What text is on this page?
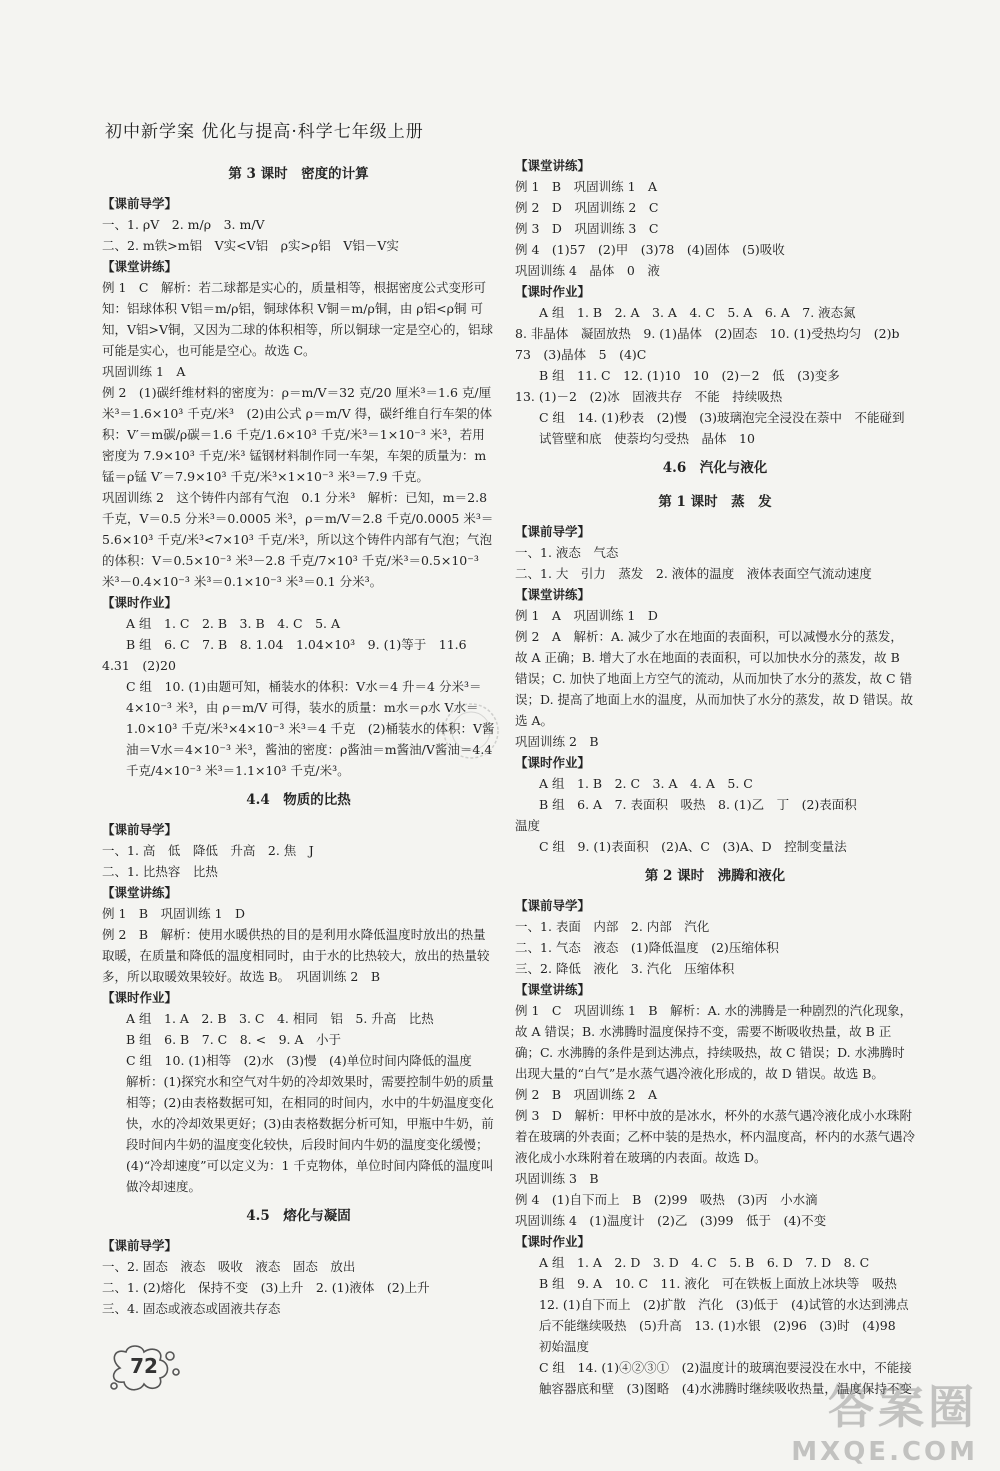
初中新学案 优化与提高·科学七年级上册
第 3 课时　密度的计算
【课前导学】
一、1. ρV　2. m/ρ　3. m/V
二、2. m铁>m铝　V实<V铝　ρ实>ρ铝　V铝－V实
【课堂讲练】
例 1　C　解析：若二球都是实心的，质量相等，根据密度公式变形可知：铝球体积 V铝＝m/ρ铝，铜球体积 V铜＝m/ρ铜，由 ρ铝<ρ铜 可知，V铝>V铜，又因为二球的体积相等，所以铜球一定是空心的，铝球可能是实心，也可能是空心。故选 C。
巩固训练 1　A
例 2　(1)碳纤维材料的密度为：ρ＝m/V＝32 克/20 厘米³＝1.6 克/厘米³＝1.6×10³ 千克/米³　(2)由公式 ρ＝m/V 得，碳纤维自行车架的体积：V′＝m碳/ρ碳＝1.6 千克/1.6×10³ 千克/米³＝1×10⁻³ 米³，若用密度为 7.9×10³ 千克/米³ 锰钢材料制作同一车架，车架的质量为：m锰＝ρ锰 V′＝7.9×10³ 千克/米³×1×10⁻³ 米³＝7.9 千克。
巩固训练 2　这个铸件内部有气泡　0.1 分米³　解析：已知，m＝2.8 千克，V＝0.5 分米³＝0.0005 米³，ρ＝m/V＝2.8 千克/0.0005 米³＝5.6×10³ 千克/米³<7×10³ 千克/米³，所以这个铸件内部有气泡；气泡的体积：V＝0.5×10⁻³ 米³－2.8 千克/7×10³ 千克/米³＝0.5×10⁻³ 米³－0.4×10⁻³ 米³＝0.1×10⁻³ 米³＝0.1 分米³。
【课时作业】
A 组　1. C　2. B　3. B　4. C　5. A
B 组　6. C　7. B　8. 1.04　1.04×10³　9. (1)等于　11.6
4.31　(2)20
C 组　10. (1)由题可知，桶装水的体积：V水＝4 升＝4 分米³＝4×10⁻³ 米³，由 ρ＝m/V 可得，装水的质量：m水＝ρ水 V水＝1.0×10³ 千克/米³×4×10⁻³ 米³＝4 千克　(2)桶装水的体积：V酱油＝V水＝4×10⁻³ 米³，酱油的密度：ρ酱油＝m酱油/V酱油＝4.4 千克/4×10⁻³ 米³＝1.1×10³ 千克/米³。
4.4　物质的比热
【课前导学】
一、1. 高　低　降低　升高　2. 焦　J
二、1. 比热容　比热
【课堂讲练】
例 1　B　巩固训练 1　D
例 2　B　解析：使用水暖供热的目的是利用水降低温度时放出的热量取暖，在质量和降低的温度相同时，由于水的比热较大，放出的热量较多，所以取暖效果较好。故选 B。　巩固训练 2　B
【课时作业】
A 组　1. A　2. B　3. C　4. 相同　铝　5. 升高　比热
B 组　6. B　7. C　8. <　9. A　小于
C 组　10. (1)相等　(2)水　(3)慢　(4)单位时间内降低的温度　解析：(1)探究水和空气对牛奶的冷却效果时，需要控制牛奶的质量相等；(2)由表格数据可知，在相同的时间内，水中的牛奶温度变化快，水的冷却效果更好；(3)由表格数据分析可知，甲瓶中牛奶，前段时间内牛奶的温度变化较快，后段时间内牛奶的温度变化缓慢；(4)“冷却速度”可以定义为：1 千克物体，单位时间内降低的温度叫做冷却速度。
4.5　熔化与凝固
【课前导学】
一、2. 固态　液态　吸收　液态　固态　放出
二、1. (2)熔化　保持不变　(3)上升　2. (1)液体　(2)上升
三、4. 固态或液态或固液共存态
【课堂讲练】
例 1　B　巩固训练 1　A
例 2　D　巩固训练 2　C
例 3　D　巩固训练 3　C
例 4　(1)57　(2)甲　(3)78　(4)固体　(5)吸收
巩固训练 4　晶体　0　液
【课时作业】
A 组　1. B　2. A　3. A　4. C　5. A　6. A　7. 液态氮
8. 非晶体　凝固放热　9. (1)晶体　(2)固态　10. (1)受热均匀　(2)b　73　(3)晶体　5　(4)C
B 组　11. C　12. (1)10　10　(2)－2　低　(3)变多
13. (1)－2　(2)冰　固液共存　不能　持续吸热
C 组　14. (1)秒表　(2)慢　(3)玻璃泡完全浸没在萘中　不能碰到试管壁和底　使萘均匀受热　晶体　10
4.6　汽化与液化
第 1 课时　蒸　发
【课前导学】
一、1. 液态　气态
二、1. 大　引力　蒸发　2. 液体的温度　液体表面空气流动速度
【课堂讲练】
例 1　A　巩固训练 1　D
例 2　A　解析：A. 减少了水在地面的表面积，可以减慢水分的蒸发，故 A 正确；B. 增大了水在地面的表面积，可以加快水分的蒸发，故 B 错误；C. 加快了地面上方空气的流动，从而加快了水分的蒸发，故 C 错误；D. 提高了地面上水的温度，从而加快了水分的蒸发，故 D 错误。故选 A。
巩固训练 2　B
【课时作业】
A 组　1. B　2. C　3. A　4. A　5. C
B 组　6. A　7. 表面积　吸热　8. (1)乙　丁　(2)表面积
温度
C 组　9. (1)表面积　(2)A、C　(3)A、D　控制变量法
第 2 课时　沸腾和液化
【课前导学】
一、1. 表面　内部　2. 内部　汽化
二、1. 气态　液态　(1)降低温度　(2)压缩体积
三、2. 降低　液化　3. 汽化　压缩体积
【课堂讲练】
例 1　C　巩固训练 1　B　解析：A. 水的沸腾是一种剧烈的汽化现象，故 A 错误；B. 水沸腾时温度保持不变，需要不断吸收热量，故 B 正确；C. 水沸腾的条件是到达沸点，持续吸热，故 C 错误；D. 水沸腾时出现大量的“白气”是水蒸气遇冷液化形成的，故 D 错误。故选 B。
例 2　B　巩固训练 2　A
例 3　D　解析：甲杯中放的是冰水，杯外的水蒸气遇冷液化成小水珠附着在玻璃的外表面；乙杯中装的是热水，杯内温度高，杯内的水蒸气遇冷液化成小水珠附着在玻璃的内表面。故选 D。
巩固训练 3　B
例 4　(1)自下而上　B　(2)99　吸热　(3)丙　小水滴
巩固训练 4　(1)温度计　(2)乙　(3)99　低于　(4)不变
【课时作业】
A 组　1. A　2. D　3. D　4. C　5. B　6. D　7. D　8. C
B 组　9. A　10. C　11. 液化　可在铁板上面放上冰块等　吸热　12. (1)自下而上　(2)扩散　汽化　(3)低于　(4)试管的水达到沸点后不能继续吸热　(5)升高　13. (1)水银　(2)96　(3)时　(4)98　初始温度
C 组　14. (1)④②③①　(2)温度计的玻璃泡要浸没在水中，不能接触容器底和壁　(3)图略　(4)水沸腾时继续吸收热量，温度保持不变
72
答案圈
MXQE.COM
